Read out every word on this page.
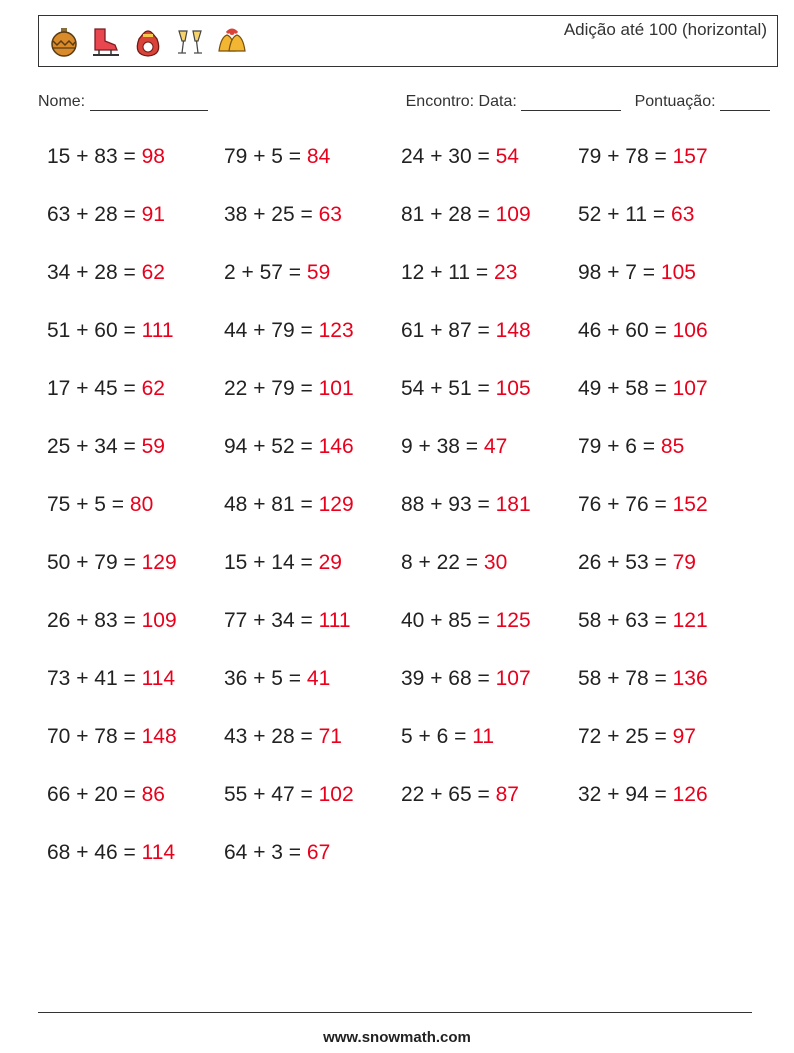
Adição até 100 (horizontal)
Nome:	Encontro: Data:	Pontuação:
15 + 83 = 98	79 + 5 = 84	24 + 30 = 54	79 + 78 = 157
63 + 28 = 91	38 + 25 = 63	81 + 28 = 109 52 + 11 = 63
34 + 28 = 62	2 + 57 = 59	12 + 11 = 23	98 + 7 = 105
51 + 60 = 111 44 + 79 = 123 61 + 87 = 148 46 + 60 = 106
17 + 45 = 62	22 + 79 = 101 54 + 51 = 105 49 + 58 = 107
25 + 34 = 59	94 + 52 = 146 9 + 38 = 47	79 + 6 = 85
75 + 5 = 80	48 + 81 = 129 88 + 93 = 181 76 + 76 = 152
50 + 79 = 129 15 + 14 = 29	8 + 22 = 30	26 + 53 = 79
26 + 83 = 109 77 + 34 = 111 40 + 85 = 125 58 + 63 = 121
73 + 41 = 114 36 + 5 = 41	39 + 68 = 107 58 + 78 = 136
70 + 78 = 148 43 + 28 = 71	5 + 6 = 11	72 + 25 = 97
66 + 20 = 86	55 + 47 = 102 22 + 65 = 87	32 + 94 = 126
68 + 46 = 114 64 + 3 = 67
www.snowmath.com
